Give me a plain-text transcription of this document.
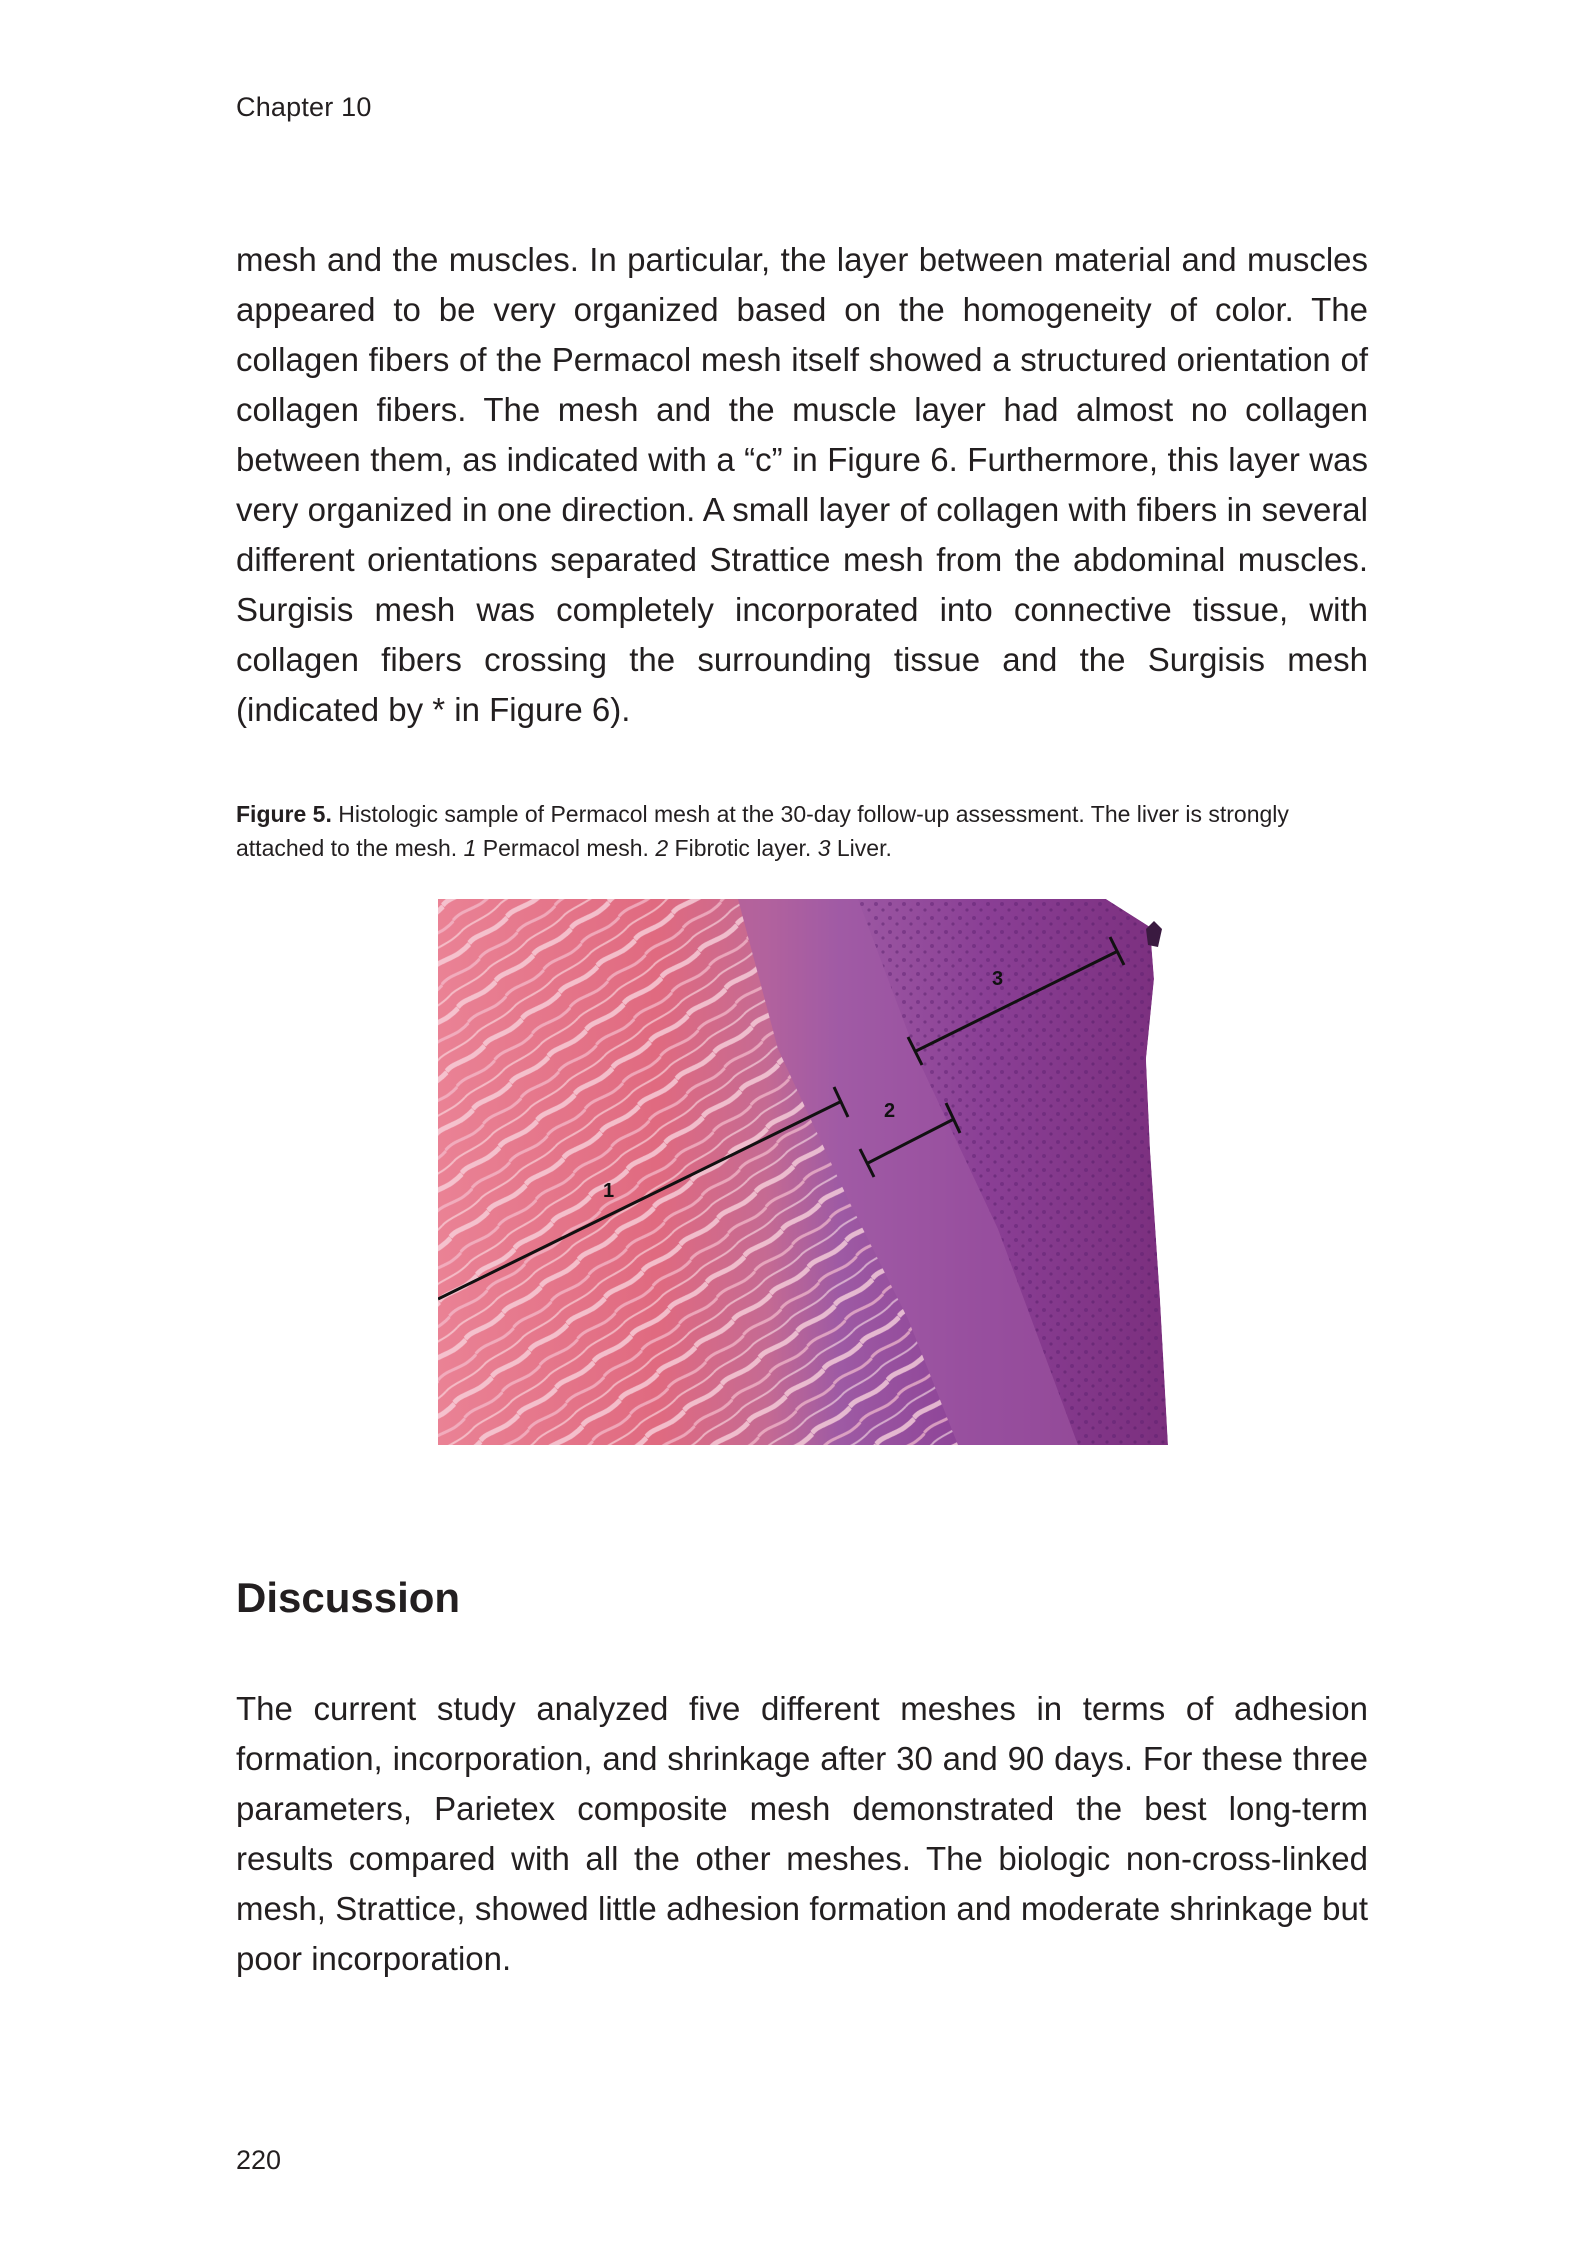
Chapter 10

mesh and the muscles. In particular, the layer between material and muscles appeared to be very organized based on the homogeneity of color. The collagen fibers of the Permacol mesh itself showed a structured orientation of collagen fibers. The mesh and the muscle layer had almost no collagen between them, as indicated with a “c” in Figure 6. Furthermore, this layer was very organized in one direction. A small layer of collagen with fibers in several different orientations separated Strattice mesh from the abdominal muscles. Surgisis mesh was completely incorporated into connective tissue, with collagen fibers crossing the surrounding tissue and the Surgisis mesh (indicated by * in Figure 6).

Figure 5. Histologic sample of Permacol mesh at the 30-day follow-up assessment. The liver is strongly attached to the mesh. 1 Permacol mesh. 2 Fibrotic layer. 3 Liver.

1
2
3
Discussion

The current study analyzed five different meshes in terms of adhesion formation, incorporation, and shrinkage after 30 and 90 days. For these three parameters, Parietex composite mesh demonstrated the best long-term results compared with all the other meshes. The biologic non-cross-linked mesh, Strattice, showed little adhesion formation and moderate shrinkage but poor incorporation.

220
